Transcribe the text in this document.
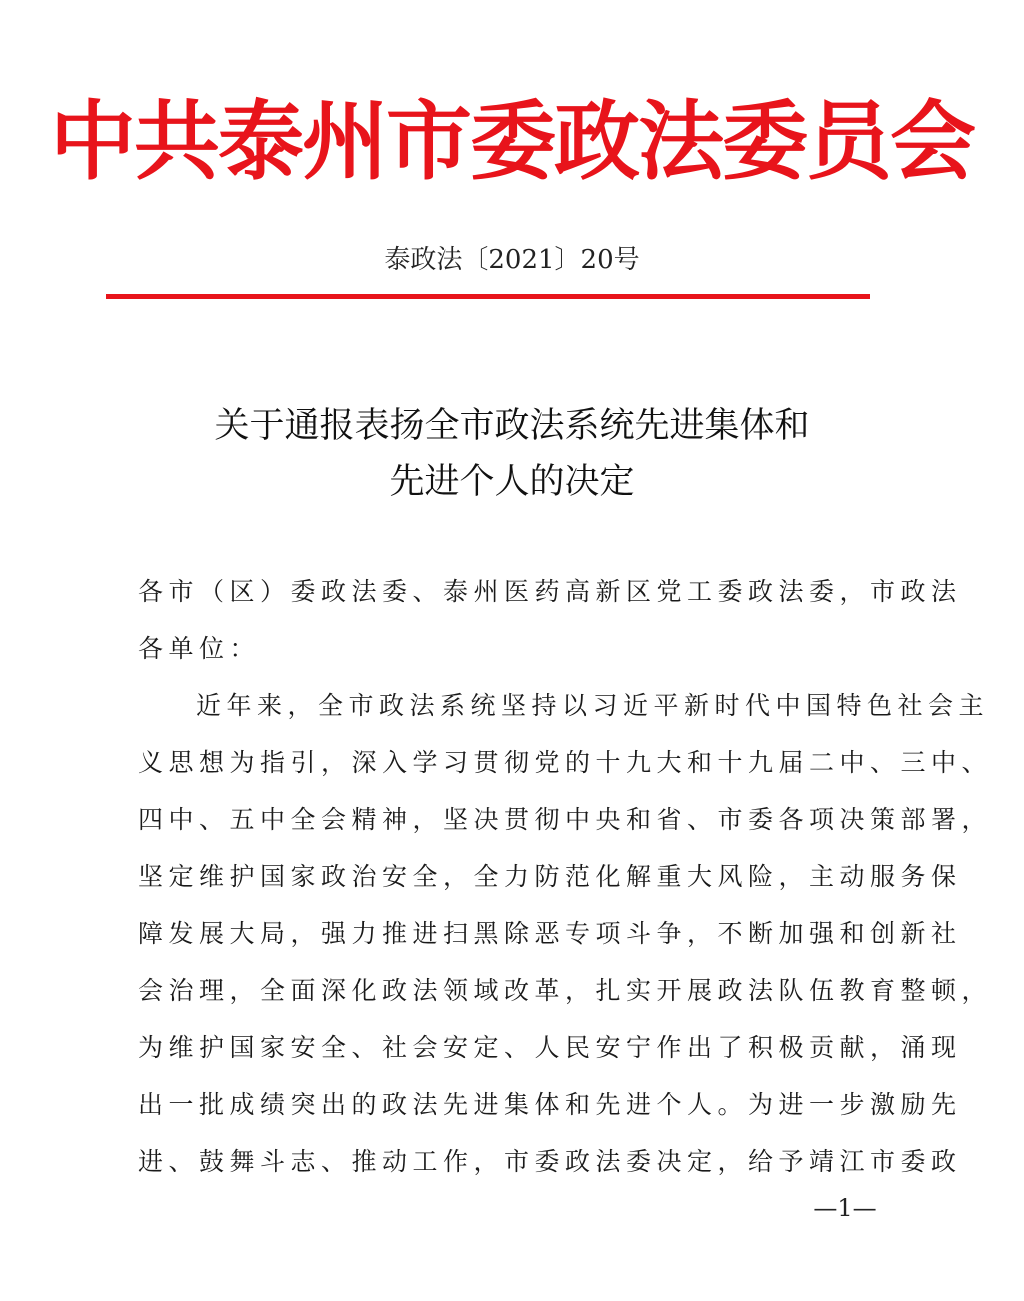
中共泰州市委政法委员会
泰政法〔2021〕20号
关于通报表扬全市政法系统先进集体和
先进个人的决定
各市（区）委政法委、泰州医药高新区党工委政法委，市政法
各单位：
近年来，全市政法系统坚持以习近平新时代中国特色社会主
义思想为指引，深入学习贯彻党的十九大和十九届二中、三中、
四中、五中全会精神，坚决贯彻中央和省、市委各项决策部署，
坚定维护国家政治安全，全力防范化解重大风险，主动服务保
障发展大局，强力推进扫黑除恶专项斗争，不断加强和创新社
会治理，全面深化政法领域改革，扎实开展政法队伍教育整顿，
为维护国家安全、社会安定、人民安宁作出了积极贡献，涌现
出一批成绩突出的政法先进集体和先进个人。为进一步激励先
进、鼓舞斗志、推动工作，市委政法委决定，给予靖江市委政
—1—
